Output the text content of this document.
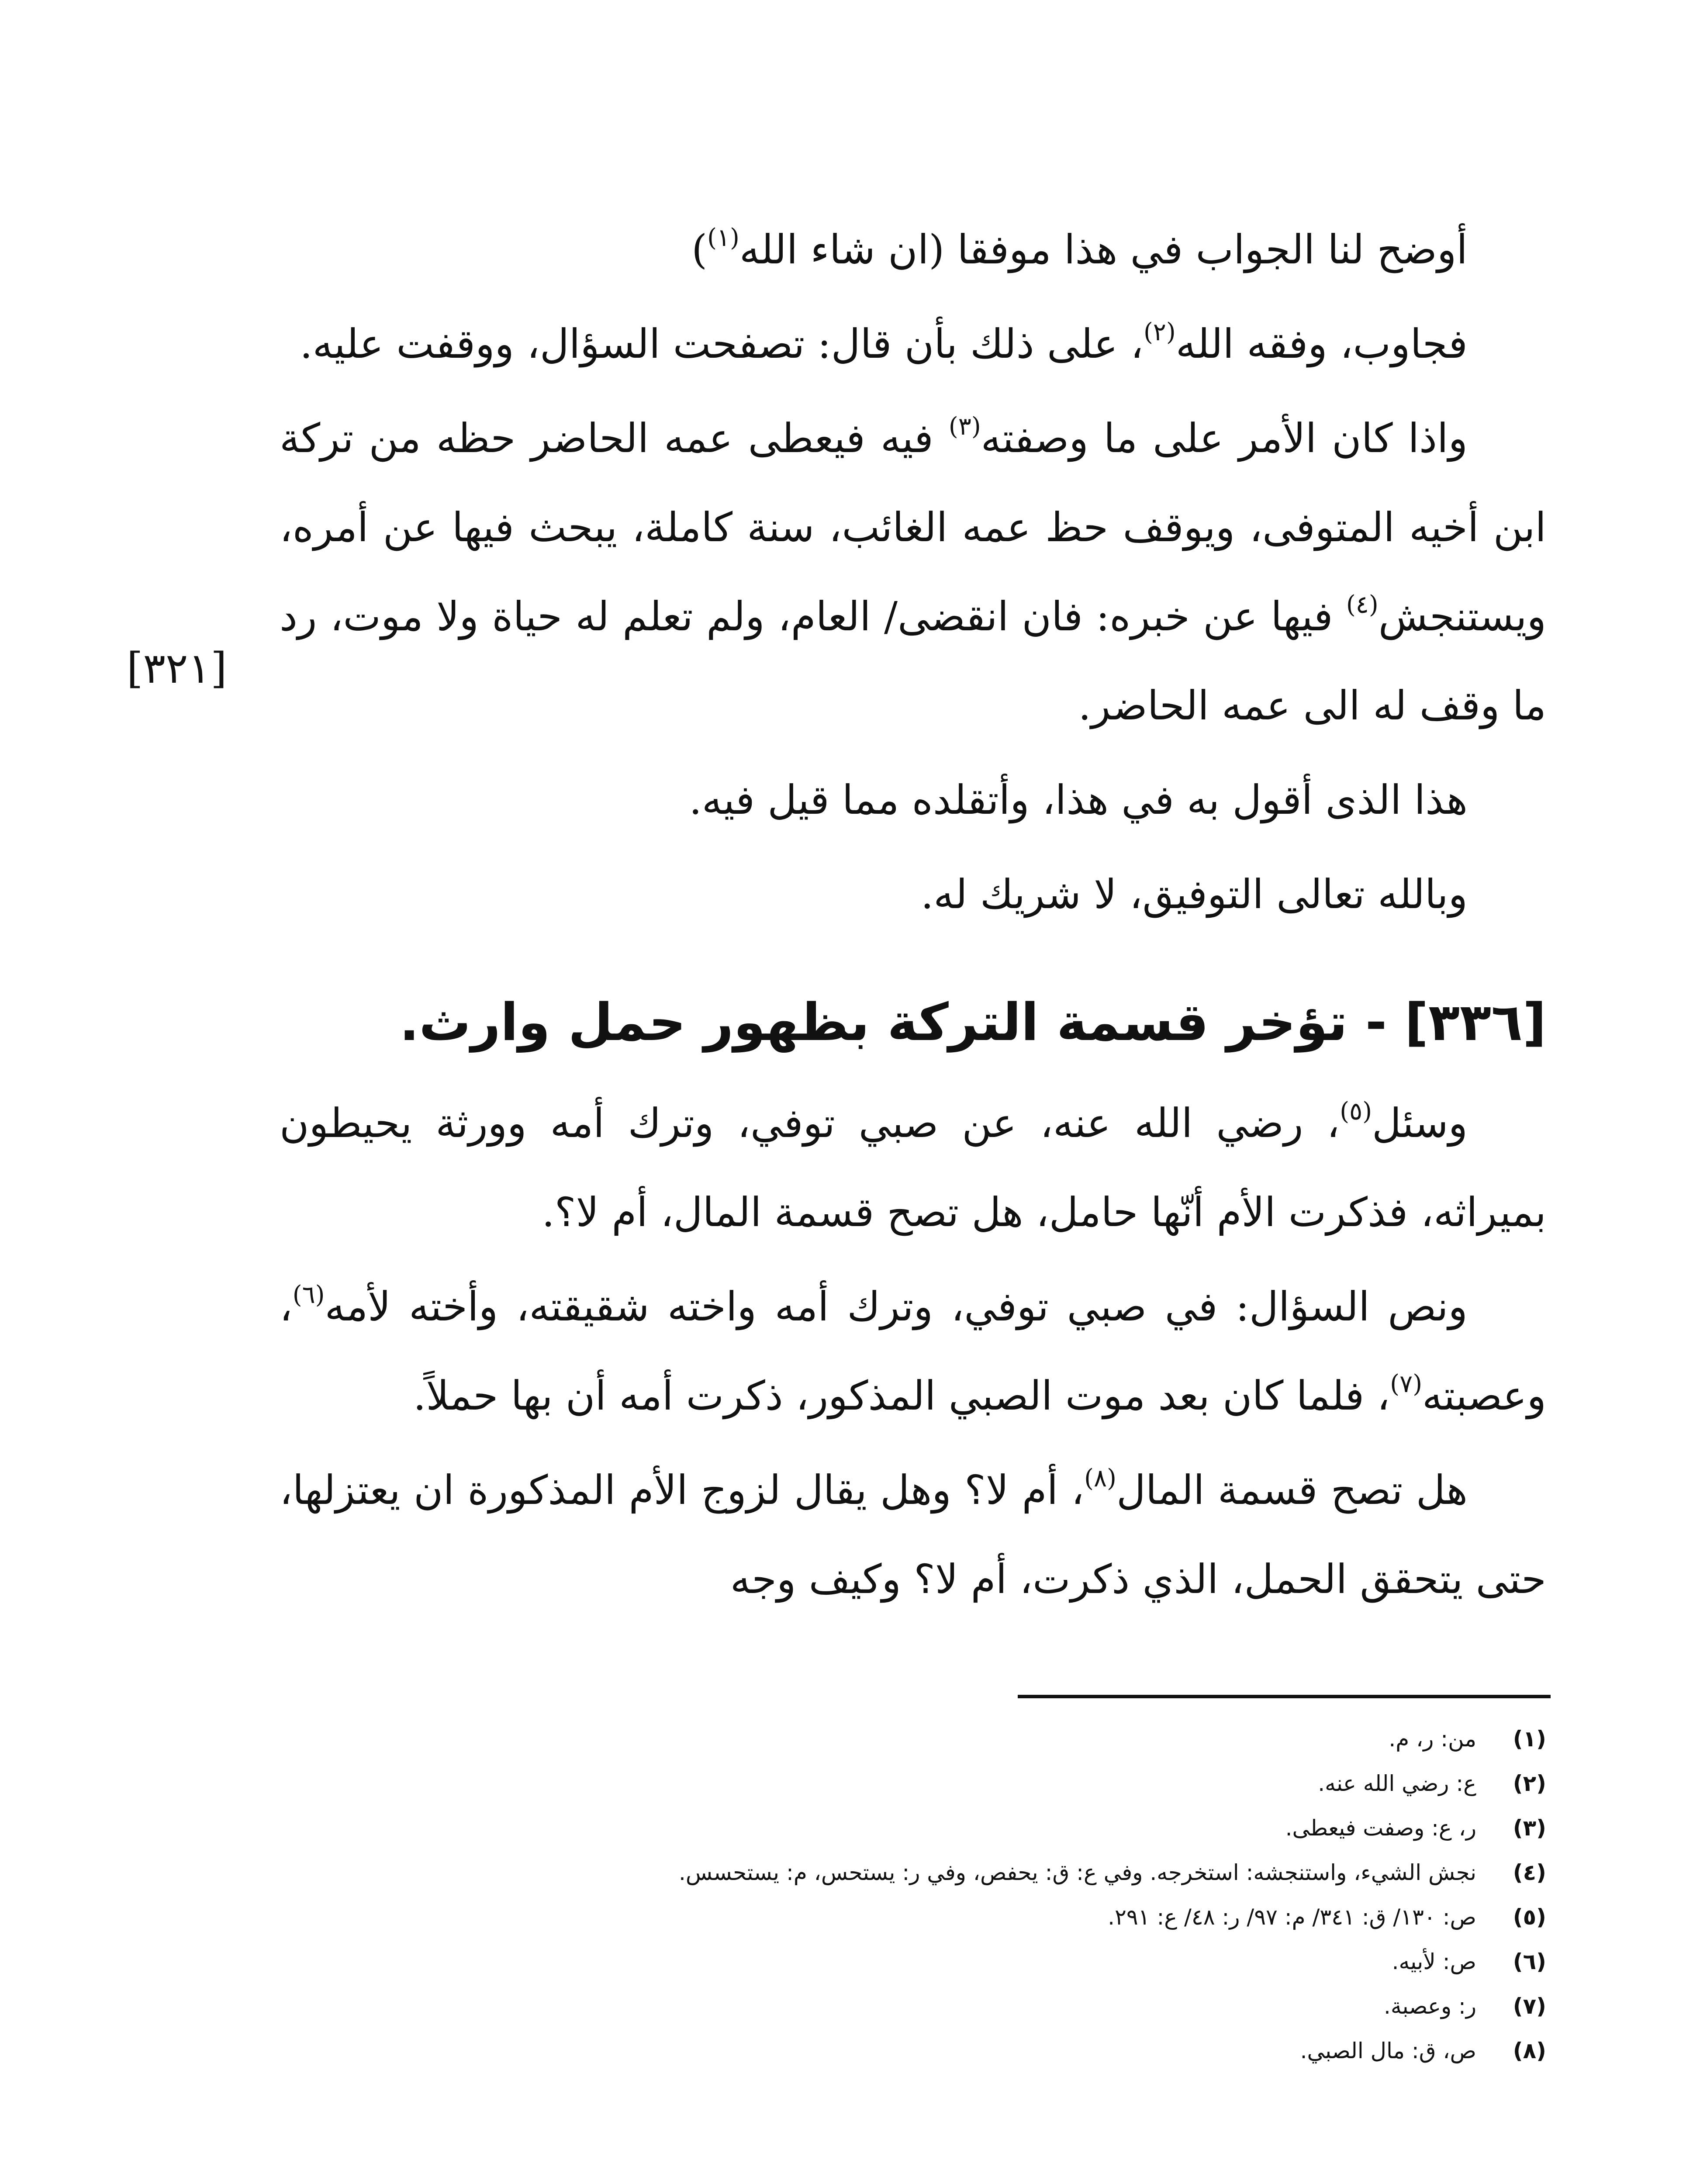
أوضح لنا الجواب في هذا موفقا (ان شاء الله$^{(١)}$)

فجاوب، وفقه الله$^{(٢)}$، على ذلك بأن قال: تصفحت السؤال، ووقفت عليه.

واذا كان الأمر على ما وصفته$^{(٣)}$ فيه فيعطى عمه الحاضر حظه من تركة ابن أخيه المتوفى، ويوقف حظ عمه الغائب، سنة كاملة، يبحث فيها عن أمره، ويستنجش$^{(٤)}$ فيها عن خبره: فان انقضى/ العام، ولم تعلم له حياة ولا موت، رد ما وقف له الى عمه الحاضر.

هذا الذى أقول به في هذا، وأتقلده مما قيل فيه.

وبالله تعالى التوفيق، لا شريك له.

[٣٢١]
[٣٣٦] - تؤخر قسمة التركة بظهور حمل وارث.

وسئل$^{(٥)}$، رضي الله عنه، عن صبي توفي، وترك أمه وورثة يحيطون بميراثه، فذكرت الأم أنّها حامل، هل تصح قسمة المال، أم لا؟.

ونص السؤال: في صبي توفي، وترك أمه واخته شقيقته، وأخته لأمه$^{(٦)}$، وعصبته$^{(٧)}$، فلما كان بعد موت الصبي المذكور، ذكرت أمه أن بها حملاً.

هل تصح قسمة المال$^{(٨)}$، أم لا؟ وهل يقال لزوج الأم المذكورة ان يعتزلها، حتى يتحقق الحمل، الذي ذكرت، أم لا؟ وكيف وجه

(١)
من: ر، م.
(٢)
ع: رضي الله عنه.
(٣)
ر، ع: وصفت فيعطى.
(٤)
نجش الشيء، واستنجشه: استخرجه. وفي ع: ق: يحفص، وفي ر: يستحس، م: يستحسس.
(٥)
ص: ١٣٠/ ق: ٣٤١/ م: ٩٧/ ر: ٤٨/ ع: ٢٩١.
(٦)
ص: لأبيه.
(٧)
ر: وعصبة.
(٨)
ص، ق: مال الصبي.
